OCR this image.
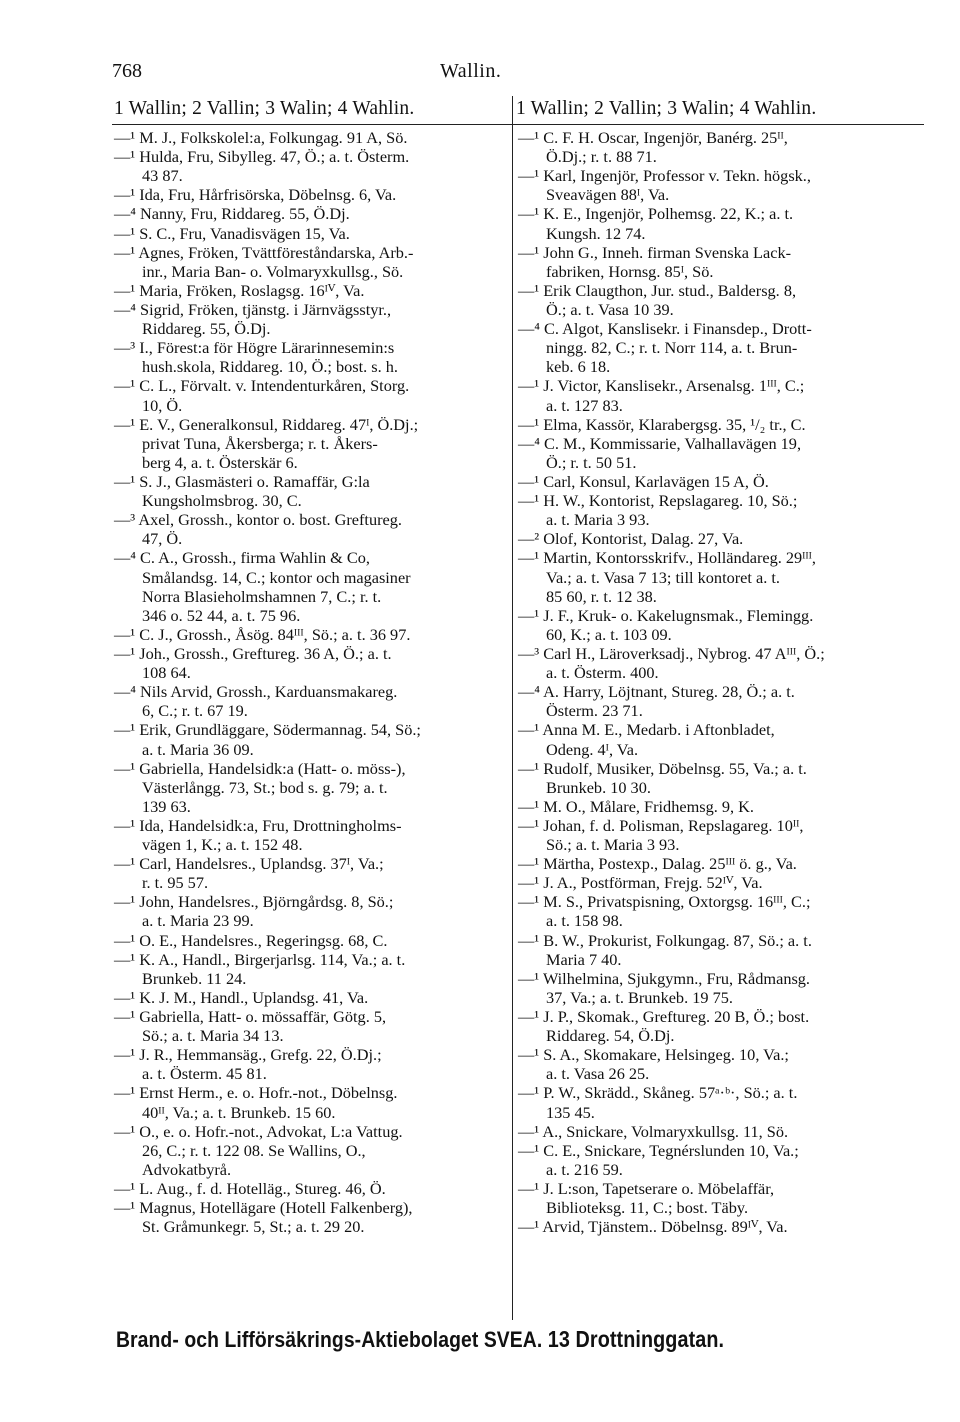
768	Wallin.
1 Wallin; 2 Vallin; 3 Walin; 4 Wahlin.	1 Wallin; 2 Vallin; 3 Walin; 4 Wahlin.
—¹ M. J., Folkskolel:a, Folkungag. 91 A, Sö.
—¹ Hulda, Fru, Sibylleg. 47, Ö.; a. t. Österm.
43 87.
—¹ Ida, Fru, Hårfrisörska, Döbelnsg. 6, Va.
—⁴ Nanny, Fru, Riddareg. 55, Ö.Dj.
—¹ S. C., Fru, Vanadisvägen 15, Va.
—¹ Agnes, Fröken, Tvättföreståndarska, Arb.-
inr., Maria Ban- o. Volmaryxkullsg., Sö.
—¹ Maria, Fröken, Roslagsg. 16ᴵⱽ, Va.
—⁴ Sigrid, Fröken, tjänstg. i Järnvägsstyr.,
Riddareg. 55, Ö.Dj.
—³ I., Förest:a för Högre Lärarinnesemin:s
hush.skola, Riddareg. 10, Ö.; bost. s. h.
—¹ C. L., Förvalt. v. Intendenturkåren, Storg.
10, Ö.
—¹ E. V., Generalkonsul, Riddareg. 47ᴵ, Ö.Dj.;
privat Tuna, Åkersberga; r. t. Åkers-
berg 4, a. t. Österskär 6.
—¹ S. J., Glasmästeri o. Ramaffär, G:la
Kungsholmsbrog. 30, C.
—³ Axel, Grossh., kontor o. bost. Greftureg.
47, Ö.
—⁴ C. A., Grossh., firma Wahlin & Co,
Smålandsg. 14, C.; kontor och magasiner
Norra Blasieholmshamnen 7, C.; r. t.
346 o. 52 44, a. t. 75 96.
—¹ C. J., Grossh., Åsög. 84ᴵᴵᴵ, Sö.; a. t. 36 97.
—¹ Joh., Grossh., Greftureg. 36 A, Ö.; a. t.
108 64.
—⁴ Nils Arvid, Grossh., Karduansmakareg.
6, C.; r. t. 67 19.
—¹ Erik, Grundläggare, Södermannag. 54, Sö.;
a. t. Maria 36 09.
—¹ Gabriella, Handelsidk:a (Hatt- o. möss-),
Västerlångg. 73, St.; bod s. g. 79; a. t.
139 63.
—¹ Ida, Handelsidk:a, Fru, Drottningholms-
vägen 1, K.; a. t. 152 48.
—¹ Carl, Handelsres., Uplandsg. 37ᴵ, Va.;
r. t. 95 57.
—¹ John, Handelsres., Björngårdsg. 8, Sö.;
a. t. Maria 23 99.
—¹ O. E., Handelsres., Regeringsg. 68, C.
—¹ K. A., Handl., Birgerjarlsg. 114, Va.; a. t.
Brunkeb. 11 24.
—¹ K. J. M., Handl., Uplandsg. 41, Va.
—¹ Gabriella, Hatt- o. mössaffär, Götg. 5,
Sö.; a. t. Maria 34 13.
—¹ J. R., Hemmansäg., Grefg. 22, Ö.Dj.;
a. t. Österm. 45 81.
—¹ Ernst Herm., e. o. Hofr.-not., Döbelnsg.
40ᴵᴵ, Va.; a. t. Brunkeb. 15 60.
—¹ O., e. o. Hofr.-not., Advokat, L:a Vattug.
26, C.; r. t. 122 08. Se Wallins, O.,
Advokatbyrå.
—¹ L. Aug., f. d. Hotelläg., Stureg. 46, Ö.
—¹ Magnus, Hotellägare (Hotell Falkenberg),
St. Gråmunkegr. 5, St.; a. t. 29 20.
—¹ C. F. H. Oscar, Ingenjör, Banérg. 25ᴵᴵ,
Ö.Dj.; r. t. 88 71.
—¹ Karl, Ingenjör, Professor v. Tekn. högsk.,
Sveavägen 88ᴵ, Va.
—¹ K. E., Ingenjör, Polhemsg. 22, K.; a. t.
Kungsh. 12 74.
—¹ John G., Inneh. firman Svenska Lack-
fabriken, Hornsg. 85ᴵ, Sö.
—¹ Erik Claugthon, Jur. stud., Baldersg. 8,
Ö.; a. t. Vasa 10 39.
—⁴ C. Algot, Kanslisekr. i Finansdep., Drott-
ningg. 82, C.; r. t. Norr 114, a. t. Brun-
keb. 6 18.
—¹ J. Victor, Kanslisekr., Arsenalsg. 1ᴵᴵᴵ, C.;
a. t. 127 83.
—¹ Elma, Kassör, Klarabergsg. 35, ¹/₂ tr., C.
—⁴ C. M., Kommissarie, Valhallavägen 19,
Ö.; r. t. 50 51.
—¹ Carl, Konsul, Karlavägen 15 A, Ö.
—¹ H. W., Kontorist, Repslagareg. 10, Sö.;
a. t. Maria 3 93.
—² Olof, Kontorist, Dalag. 27, Va.
—¹ Martin, Kontorsskrifv., Holländareg. 29ᴵᴵᴵ,
Va.; a. t. Vasa 7 13; till kontoret a. t.
85 60, r. t. 12 38.
—¹ J. F., Kruk- o. Kakelugnsmak., Flemingg.
60, K.; a. t. 103 09.
—³ Carl H., Läroverksadj., Nybrog. 47 Aᴵᴵᴵ, Ö.;
a. t. Österm. 400.
—⁴ A. Harry, Löjtnant, Stureg. 28, Ö.; a. t.
Österm. 23 71.
—¹ Anna M. E., Medarb. i Aftonbladet,
Odeng. 4ᴵ, Va.
—¹ Rudolf, Musiker, Döbelnsg. 55, Va.; a. t.
Brunkeb. 10 30.
—¹ M. O., Målare, Fridhemsg. 9, K.
—¹ Johan, f. d. Polisman, Repslagareg. 10ᴵᴵ,
Sö.; a. t. Maria 3 93.
—¹ Märtha, Postexp., Dalag. 25ᴵᴵᴵ ö. g., Va.
—¹ J. A., Postförman, Frejg. 52ᴵⱽ, Va.
—¹ M. S., Privatspisning, Oxtorgsg. 16ᴵᴵᴵ, C.;
a. t. 158 98.
—¹ B. W., Prokurist, Folkungag. 87, Sö.; a. t.
Maria 7 40.
—¹ Wilhelmina, Sjukgymn., Fru, Rådmansg.
37, Va.; a. t. Brunkeb. 19 75.
—¹ J. P., Skomak., Greftureg. 20 B, Ö.; bost.
Riddareg. 54, Ö.Dj.
—¹ S. A., Skomakare, Helsingeg. 10, Va.;
a. t. Vasa 26 25.
—¹ P. W., Skrädd., Skåneg. 57ᵃ·ᵇ·, Sö.; a. t.
135 45.
—¹ A., Snickare, Volmaryxkullsg. 11, Sö.
—¹ C. E., Snickare, Tegnérslunden 10, Va.;
a. t. 216 59.
—¹ J. L:son, Tapetserare o. Möbelaffär,
Biblioteksg. 11, C.; bost. Täby.
—¹ Arvid, Tjänstem.. Döbelnsg. 89ᴵⱽ, Va.
Brand- och Lifförsäkrings-Aktiebolaget SVEA. 13 Drottninggatan.
